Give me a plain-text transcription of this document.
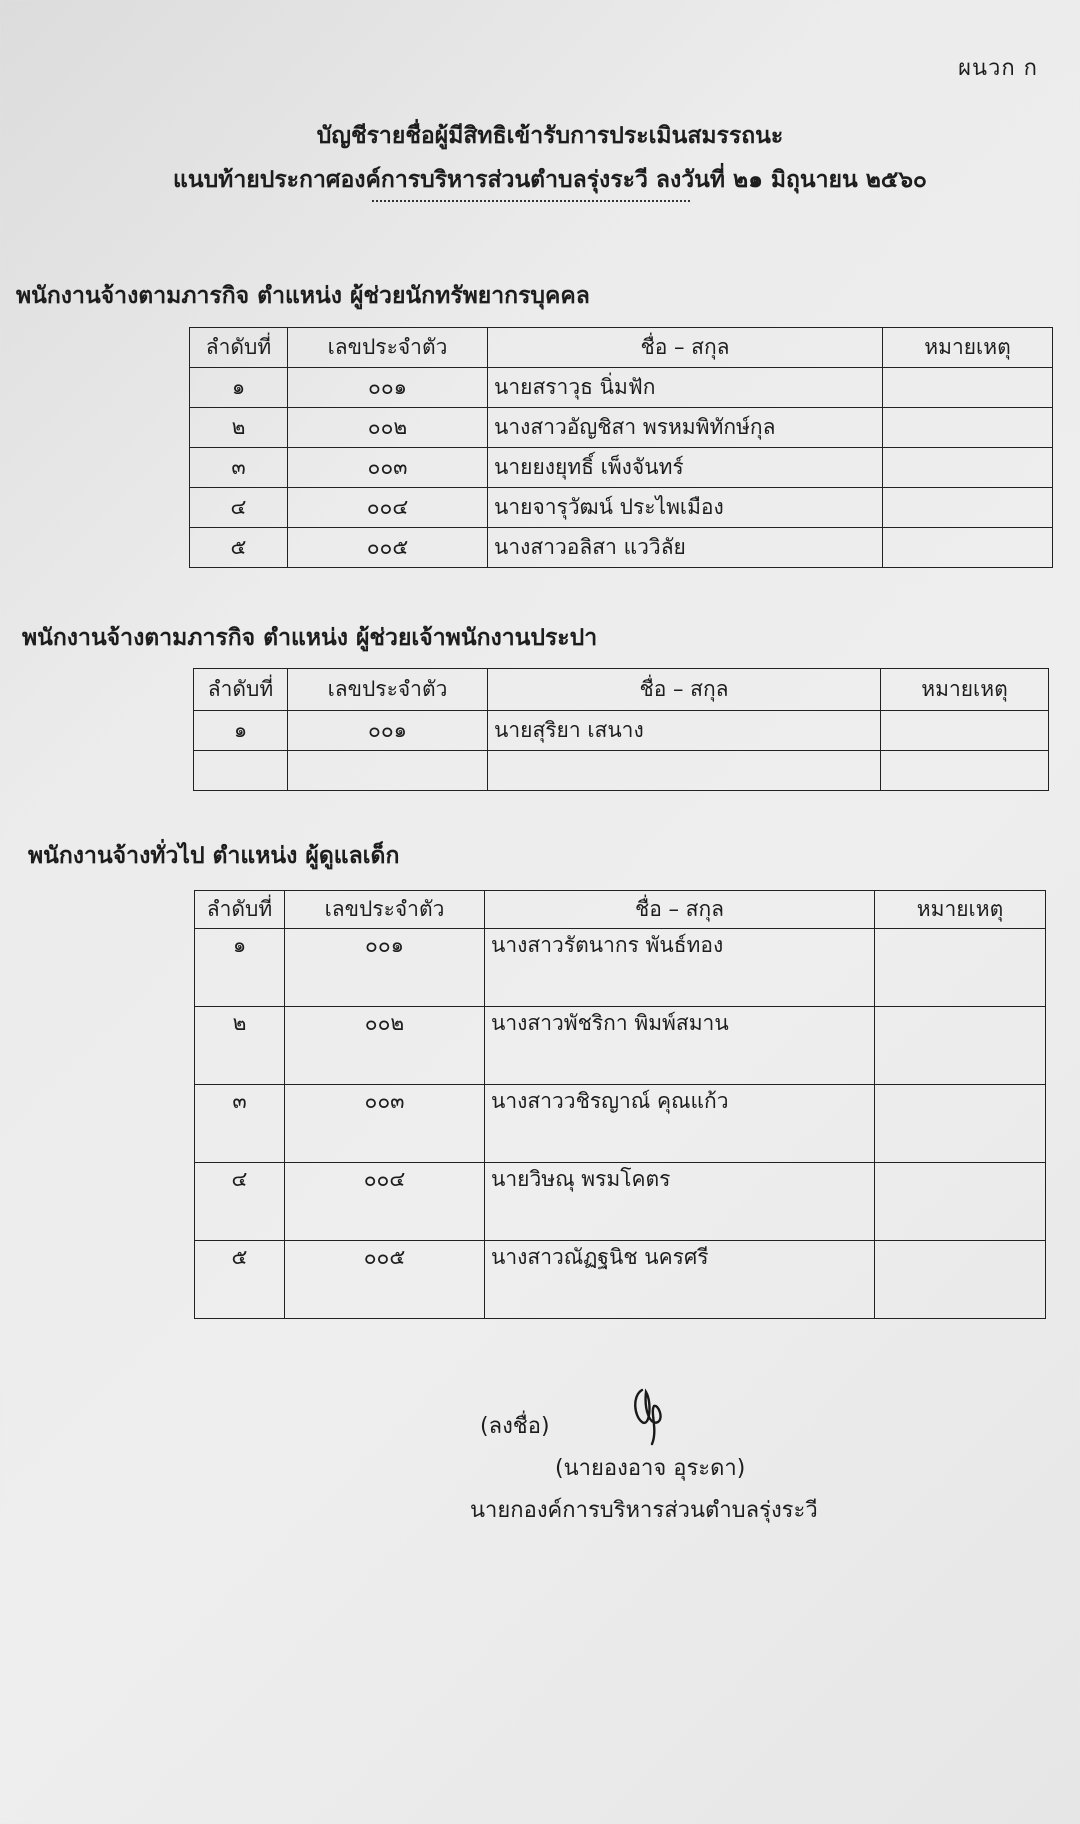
ผนวก ก
บัญชีรายชื่อผู้มีสิทธิเข้ารับการประเมินสมรรถนะ
แนบท้ายประกาศองค์การบริหารส่วนตำบลรุ่งระวี ลงวันที่ ๒๑ มิถุนายน ๒๕๖๐
พนักงานจ้างตามภารกิจ ตำแหน่ง ผู้ช่วยนักทรัพยากรบุคคล
ลำดับที่	เลขประจำตัว	ชื่อ – สกุล	หมายเหตุ
๑	๐๐๑	นายสราวุธ นิ่มฟัก	
๒	๐๐๒	นางสาวอัญชิสา พรหมพิทักษ์กุล	
๓	๐๐๓	นายยงยุทธิ์ เพ็งจันทร์	
๔	๐๐๔	นายจารุวัฒน์ ประไพเมือง	
๕	๐๐๕	นางสาวอลิสา แววิลัย	
พนักงานจ้างตามภารกิจ ตำแหน่ง ผู้ช่วยเจ้าพนักงานประปา
ลำดับที่	เลขประจำตัว	ชื่อ – สกุล	หมายเหตุ
๑	๐๐๑	นายสุริยา เสนาง	

พนักงานจ้างทั่วไป ตำแหน่ง ผู้ดูแลเด็ก
ลำดับที่	เลขประจำตัว	ชื่อ – สกุล	หมายเหตุ
๑	๐๐๑	นางสาวรัตนากร พันธ์ทอง	
๒	๐๐๒	นางสาวพัชริกา พิมพ์สมาน	
๓	๐๐๓	นางสาววชิรญาณ์ คุณแก้ว	
๔	๐๐๔	นายวิษณุ พรมโคตร	
๕	๐๐๕	นางสาวณัฏฐนิช นครศรี	
(ลงชื่อ)
(นายองอาจ อุระดา)
นายกองค์การบริหารส่วนตำบลรุ่งระวี
